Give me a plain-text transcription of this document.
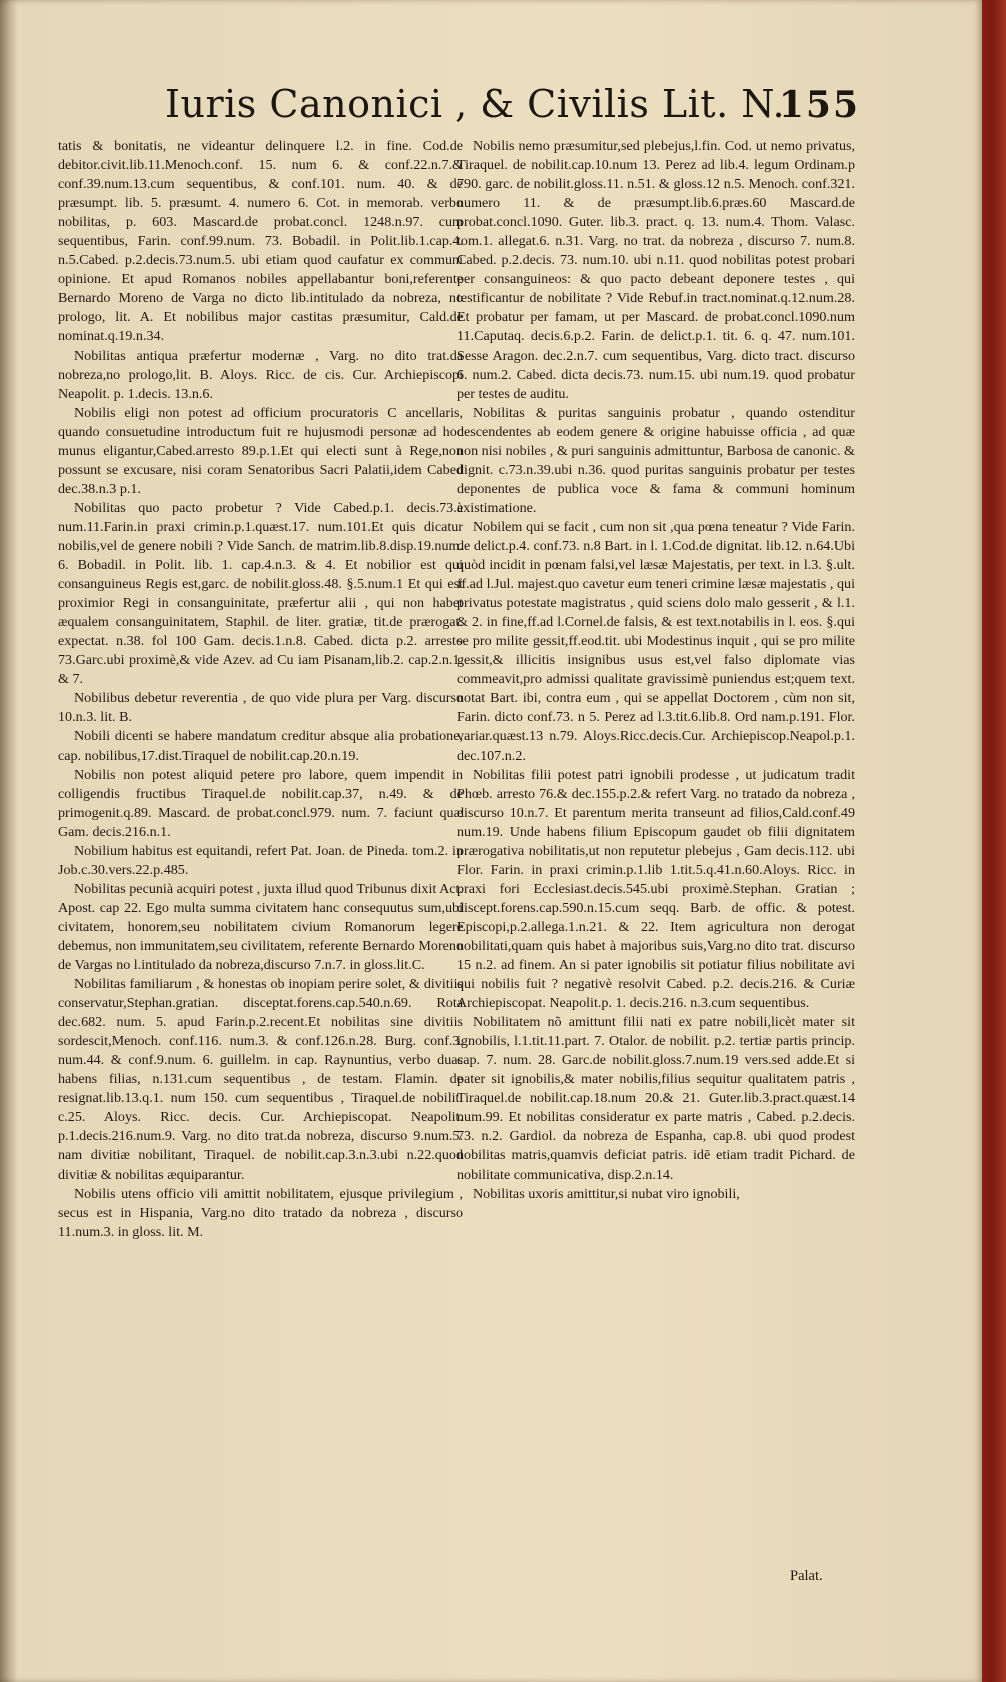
Iuris Canonici , & Civilis Lit. N.
155

tatis & bonitatis, ne videantur delinquere l.2. in fine. Cod.de debitor.civit.lib.11.Menoch.conf. 15. num 6. & conf.22.n.7.& conf.39.num.13.cum sequentibus, & conf.101. num. 40. & de præsumpt. lib. 5. præsumt. 4. numero 6. Cot. in memorab. verbo nobilitas, p. 603. Mascard.de probat.concl. 1248.n.97. cum sequentibus, Farin. conf.99.num. 73. Bobadil. in Polit.lib.1.cap.4. n.5.Cabed. p.2.decis.73.num.5. ubi etiam quod caufatur ex communi opinione. Et apud Romanos nobiles appellabantur boni,referente Bernardo Moreno de Varga no dicto lib.intitulado da nobreza, no prologo, lit. A. Et nobilibus major castitas præsumitur, Cald.de nominat.q.19.n.34.

Nobilitas antiqua præfertur modernæ , Varg. no dito trat.da nobreza,no prologo,lit. B. Aloys. Ricc. de cis. Cur. Archiepiscopi Neapolit. p. 1.decis. 13.n.6.

Nobilis eligi non potest ad officium procuratoris C ancellaris, quando consuetudine introductum fuit re hujusmodi personæ ad hoc munus eligantur,Cabed.arresto 89.p.1.Et qui electi sunt à Rege,non possunt se excusare, nisi coram Senatoribus Sacri Palatii,idem Cabed dec.38.n.3 p.1.

Nobilitas quo pacto probetur ? Vide Cabed.p.1. decis.73.à num.11.Farin.in praxi crimin.p.1.quæst.17. num.101.Et quis dicatur nobilis,vel de genere nobili ? Vide Sanch. de matrim.lib.8.disp.19.num. 6. Bobadil. in Polit. lib. 1. cap.4.n.3. & 4. Et nobilior est qui consanguineus Regis est,garc. de nobilit.gloss.48. §.5.num.1 Et qui est proximior Regi in consanguinitate, præfertur alii , qui non habet æqualem consanguinitatem, Staphil. de liter. gratiæ, tit.de prærogat. expectat. n.38. fol 100 Gam. decis.1.n.8. Cabed. dicta p.2. arresto 73.Garc.ubi proximè,& vide Azev. ad Cu iam Pisanam,lib.2. cap.2.n.1. & 7.

Nobilibus debetur reverentia , de quo vide plura per Varg. discurso 10.n.3. lit. B.

Nobili dicenti se habere mandatum creditur absque alia probatione, cap. nobilibus,17.dist.Tiraquel de nobilit.cap.20.n.19.

Nobilis non potest aliquid petere pro labore, quem impendit in colligendis fructibus Tiraquel.de nobilit.cap.37, n.49. & de primogenit.q.89. Mascard. de probat.concl.979. num. 7. faciunt quæ Gam. decis.216.n.1.

Nobilium habitus est equitandi, refert Pat. Joan. de Pineda. tom.2. in Job.c.30.vers.22.p.485.

Nobilitas pecunià acquiri potest , juxta illud quod Tribunus dixit Act. Apost. cap 22. Ego multa summa civitatem hanc consequutus sum,ubi civitatem, honorem,seu nobilitatem civium Romanorum legere debemus, non immunitatem,seu civilitatem, referente Bernardo Moreno de Vargas no l.intitulado da nobreza,discurso 7.n.7. in gloss.lit.C.

Nobilitas familiarum , & honestas ob inopiam perire solet, & divitiis conservatur,Stephan.gratian. disceptat.forens.cap.540.n.69. Rota dec.682. num. 5. apud Farin.p.2.recent.Et nobilitas sine divitiis sordescit,Menoch. conf.116. num.3. & conf.126.n.28. Burg. conf.3. num.44. & conf.9.num. 6. guillelm. in cap. Raynuntius, verbo duas habens filias, n.131.cum sequentibus , de testam. Flamin. de resignat.lib.13.q.1. num 150. cum sequentibus , Tiraquel.de nobilit. c.25. Aloys. Ricc. decis. Cur. Archiepiscopat. Neapolit. p.1.decis.216.num.9. Varg. no dito trat.da nobreza, discurso 9.num.5. nam divitiæ nobilitant, Tiraquel. de nobilit.cap.3.n.3.ubi n.22.quod divitiæ & nobilitas æquiparantur.

Nobilis utens officio vili amittit nobilitatem, ejusque privilegium , secus est in Hispania, Varg.no dito tratado da nobreza , discurso 11.num.3. in gloss. lit. M.

Nobilis nemo præsumitur,sed plebejus,l.fin. Cod. ut nemo privatus, Tiraquel. de nobilit.cap.10.num 13. Perez ad lib.4. legum Ordinam.p 790. garc. de nobilit.gloss.11. n.51. & gloss.12 n.5. Menoch. conf.321. numero 11. & de præsumpt.lib.6.præs.60 Mascard.de probat.concl.1090. Guter. lib.3. pract. q. 13. num.4. Thom. Valasc. tom.1. allegat.6. n.31. Varg. no trat. da nobreza , discurso 7. num.8. Cabed. p.2.decis. 73. num.10. ubi n.11. quod nobilitas potest probari per consanguineos: & quo pacto debeant deponere testes , qui testificantur de nobilitate ? Vide Rebuf.in tract.nominat.q.12.num.28. Et probatur per famam, ut per Mascard. de probat.concl.1090.num 11.Caputaq. decis.6.p.2. Farin. de delict.p.1. tit. 6. q. 47. num.101. Sesse Aragon. dec.2.n.7. cum sequentibus, Varg. dicto tract. discurso 6. num.2. Cabed. dicta decis.73. num.15. ubi num.19. quod probatur per testes de auditu.

Nobilitas & puritas sanguinis probatur , quando ostenditur descendentes ab eodem genere & origine habuisse officia , ad quæ non nisi nobiles , & puri sanguinis admittuntur, Barbosa de canonic. & dignit. c.73.n.39.ubi n.36. quod puritas sanguinis probatur per testes deponentes de publica voce & fama & communi hominum existimatione.

Nobilem qui se facit , cum non sit ,qua pœna teneatur ? Vide Farin. de delict.p.4. conf.73. n.8 Bart. in l. 1.Cod.de dignitat. lib.12. n.64.Ubi quòd incidit in pœnam falsi,vel læsæ Majestatis, per text. in l.3. §.ult. ff.ad l.Jul. majest.quo cavetur eum teneri crimine læsæ majestatis , qui privatus potestate magistratus , quid sciens dolo malo gesserit , & l.1. & 2. in fine,ff.ad l.Cornel.de falsis, & est text.notabilis in l. eos. §.qui se pro milite gessit,ff.eod.tit. ubi Modestinus inquit , qui se pro milite gessit,& illicitis insignibus usus est,vel falso diplomate vias commeavit,pro admissi qualitate gravissimè puniendus est;quem text. notat Bart. ibi, contra eum , qui se appellat Doctorem , cùm non sit, Farin. dicto conf.73. n 5. Perez ad l.3.tit.6.lib.8. Ord nam.p.191. Flor. variar.quæst.13 n.79. Aloys.Ricc.decis.Cur. Archiepiscop.Neapol.p.1. dec.107.n.2.

Nobilitas filii potest patri ignobili prodesse , ut judicatum tradit Phœb. arresto 76.& dec.155.p.2.& refert Varg. no tratado da nobreza , discurso 10.n.7. Et parentum merita transeunt ad filios,Cald.conf.49 num.19. Unde habens filium Episcopum gaudet ob filii dignitatem prærogativa nobilitatis,ut non reputetur plebejus , Gam decis.112. ubi Flor. Farin. in praxi crimin.p.1.lib 1.tit.5.q.41.n.60.Aloys. Ricc. in praxi fori Ecclesiast.decis.545.ubi proximè.Stephan. Gratian ; discept.forens.cap.590.n.15.cum seqq. Barb. de offic. & potest. Episcopi,p.2.allega.1.n.21. & 22. Item agricultura non derogat nobilitati,quam quis habet à majoribus suis,Varg.no dito trat. discurso 15 n.2. ad finem. An si pater ignobilis sit potiatur filius nobilitate avi qui nobilis fuit ? negativè resolvit Cabed. p.2. decis.216. & Curiæ Archiepiscopat. Neapolit.p. 1. decis.216. n.3.cum sequentibus.

Nobilitatem nõ amittunt filii nati ex patre nobili,licèt mater sit ignobilis, l.1.tit.11.part. 7. Otalor. de nobilit. p.2. tertiæ partis princip. cap. 7. num. 28. Garc.de nobilit.gloss.7.num.19 vers.sed adde.Et si pater sit ignobilis,& mater nobilis,filius sequitur qualitatem patris , Tiraquel.de nobilit.cap.18.num 20.& 21. Guter.lib.3.pract.quæst.14 num.99. Et nobilitas consideratur ex parte matris , Cabed. p.2.decis. 73. n.2. Gardiol. da nobreza de Espanha, cap.8. ubi quod prodest nobilitas matris,quamvis deficiat patris. idē etiam tradit Pichard. de nobilitate communicativa, disp.2.n.14.

Nobilitas uxoris amittitur,si nubat viro ignobili,

Palat.
